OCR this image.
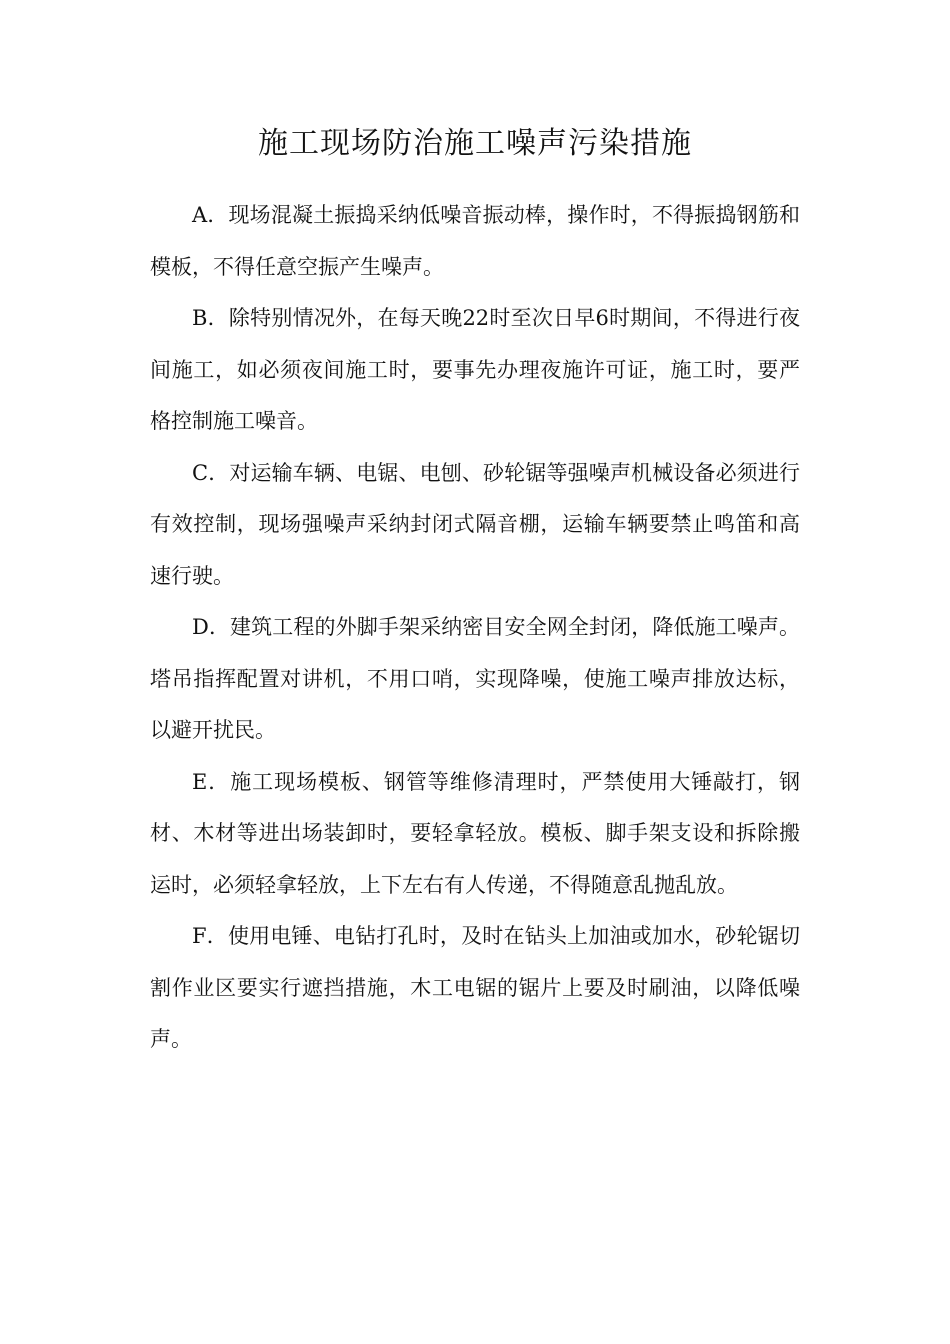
施工现场防治施工噪声污染措施

A．现场混凝土振捣采纳低噪音振动棒，操作时，不得振捣钢筋和模板，不得任意空振产生噪声。

B．除特别情况外，在每天晚22时至次日早6时期间，不得进行夜间施工，如必须夜间施工时，要事先办理夜施许可证，施工时，要严格控制施工噪音。

C．对运输车辆、电锯、电刨、砂轮锯等强噪声机械设备必须进行有效控制，现场强噪声采纳封闭式隔音棚，运输车辆要禁止鸣笛和高速行驶。

D．建筑工程的外脚手架采纳密目安全网全封闭，降低施工噪声。塔吊指挥配置对讲机，不用口哨，实现降噪，使施工噪声排放达标，以避开扰民。

E．施工现场模板、钢管等维修清理时，严禁使用大锤敲打，钢材、木材等进出场装卸时，要轻拿轻放。模板、脚手架支设和拆除搬运时，必须轻拿轻放，上下左右有人传递，不得随意乱抛乱放。

F．使用电锤、电钻打孔时，及时在钻头上加油或加水，砂轮锯切割作业区要实行遮挡措施，木工电锯的锯片上要及时刷油，以降低噪声。
